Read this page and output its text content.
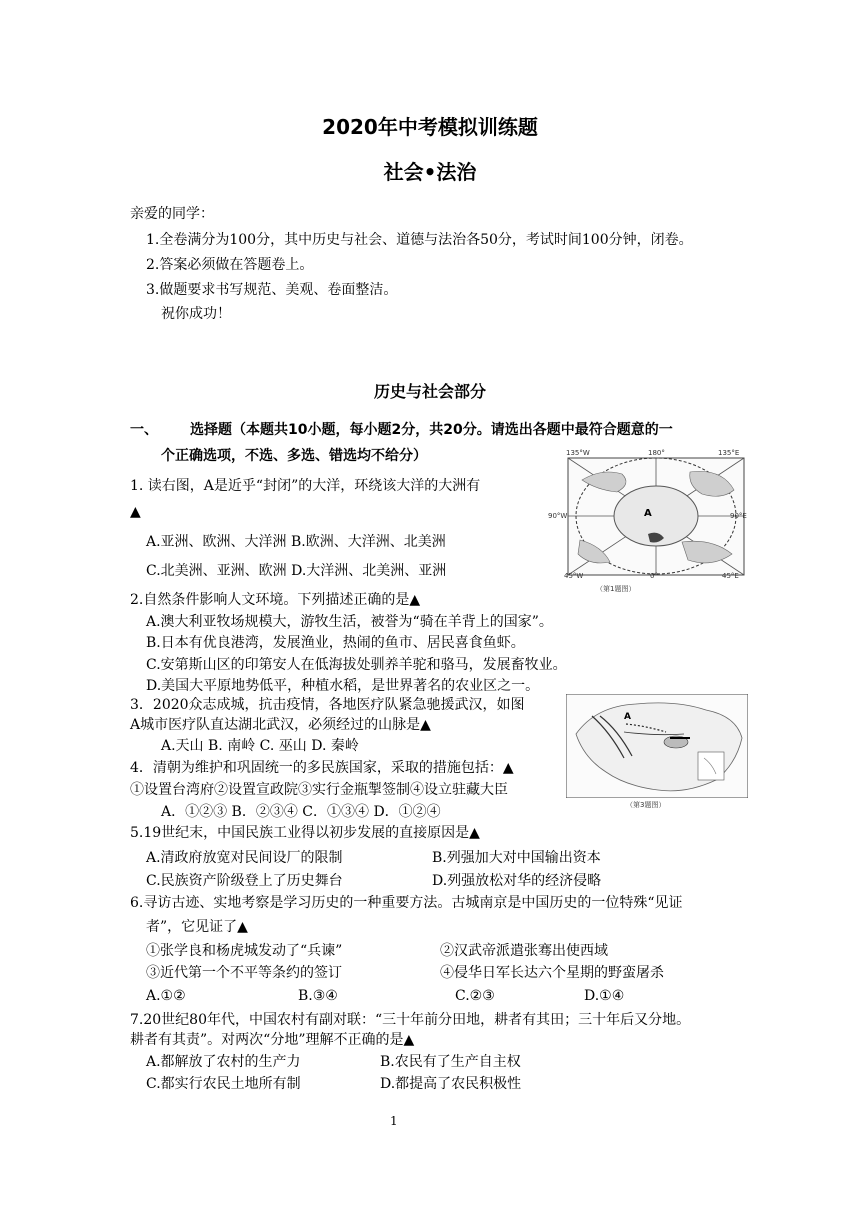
2020年中考模拟训练题
社会•法治
亲爱的同学：
1.全卷满分为100分，其中历史与社会、道德与法治各50分，考试时间100分钟，闭卷。
2.答案必须做在答题卷上。
3.做题要求书写规范、美观、卷面整洁。
祝你成功！
历史与社会部分
一、 选择题（本题共10小题，每小题2分，共20分。请选出各题中最符合题意的一
个正确选项，不选、多选、错选均不给分）
1. 读右图，A是近乎“封闭”的大洋，环绕该大洋的大洲有
▲
A.亚洲、欧洲、大洋洲 B.欧洲、大洋洲、北美洲
C.北美洲、亚洲、欧洲 D.大洋洲、北美洲、亚洲
135°W	180°	135°E
90°W	90°E
45°W	0°	45°E
A
（第1题图）
2.自然条件影响人文环境。下列描述正确的是▲
A.澳大利亚牧场规模大，游牧生活，被誉为“骑在羊背上的国家”。
B.日本有优良港湾，发展渔业，热闹的鱼市、居民喜食鱼虾。
C.安第斯山区的印第安人在低海拔处驯养羊驼和骆马，发展畜牧业。
D.美国大平原地势低平，种植水稻，是世界著名的农业区之一。
3．2020众志成城，抗击疫情，各地医疗队紧急驰援武汉，如图
A城市医疗队直达湖北武汉，必须经过的山脉是▲
A.天山 B. 南岭 C. 巫山 D. 秦岭
A
（第3题图）
4．清朝为维护和巩固统一的多民族国家，采取的措施包括：▲
①设置台湾府②设置宣政院③实行金瓶掣签制④设立驻藏大臣
A．①②③ B．②③④ C．①③④ D．①②④
5.19世纪末，中国民族工业得以初步发展的直接原因是▲
A.清政府放宽对民间设厂的限制	B.列强加大对中国输出资本
C.民族资产阶级登上了历史舞台	D.列强放松对华的经济侵略
6.寻访古迹、实地考察是学习历史的一种重要方法。古城南京是中国历史的一位特殊“见证
者”，它见证了▲
①张学良和杨虎城发动了“兵谏”	②汉武帝派遣张骞出使西域
③近代第一个不平等条约的签订	④侵华日军长达六个星期的野蛮屠杀
A.①②	B.③④	C.②③	D.①④
7.20世纪80年代，中国农村有副对联：“三十年前分田地，耕者有其田；三十年后又分地。
耕者有其责”。对两次“分地”理解不正确的是▲
A.都解放了农村的生产力	B.农民有了生产自主权
C.都实行农民土地所有制	D.都提高了农民积极性
1
